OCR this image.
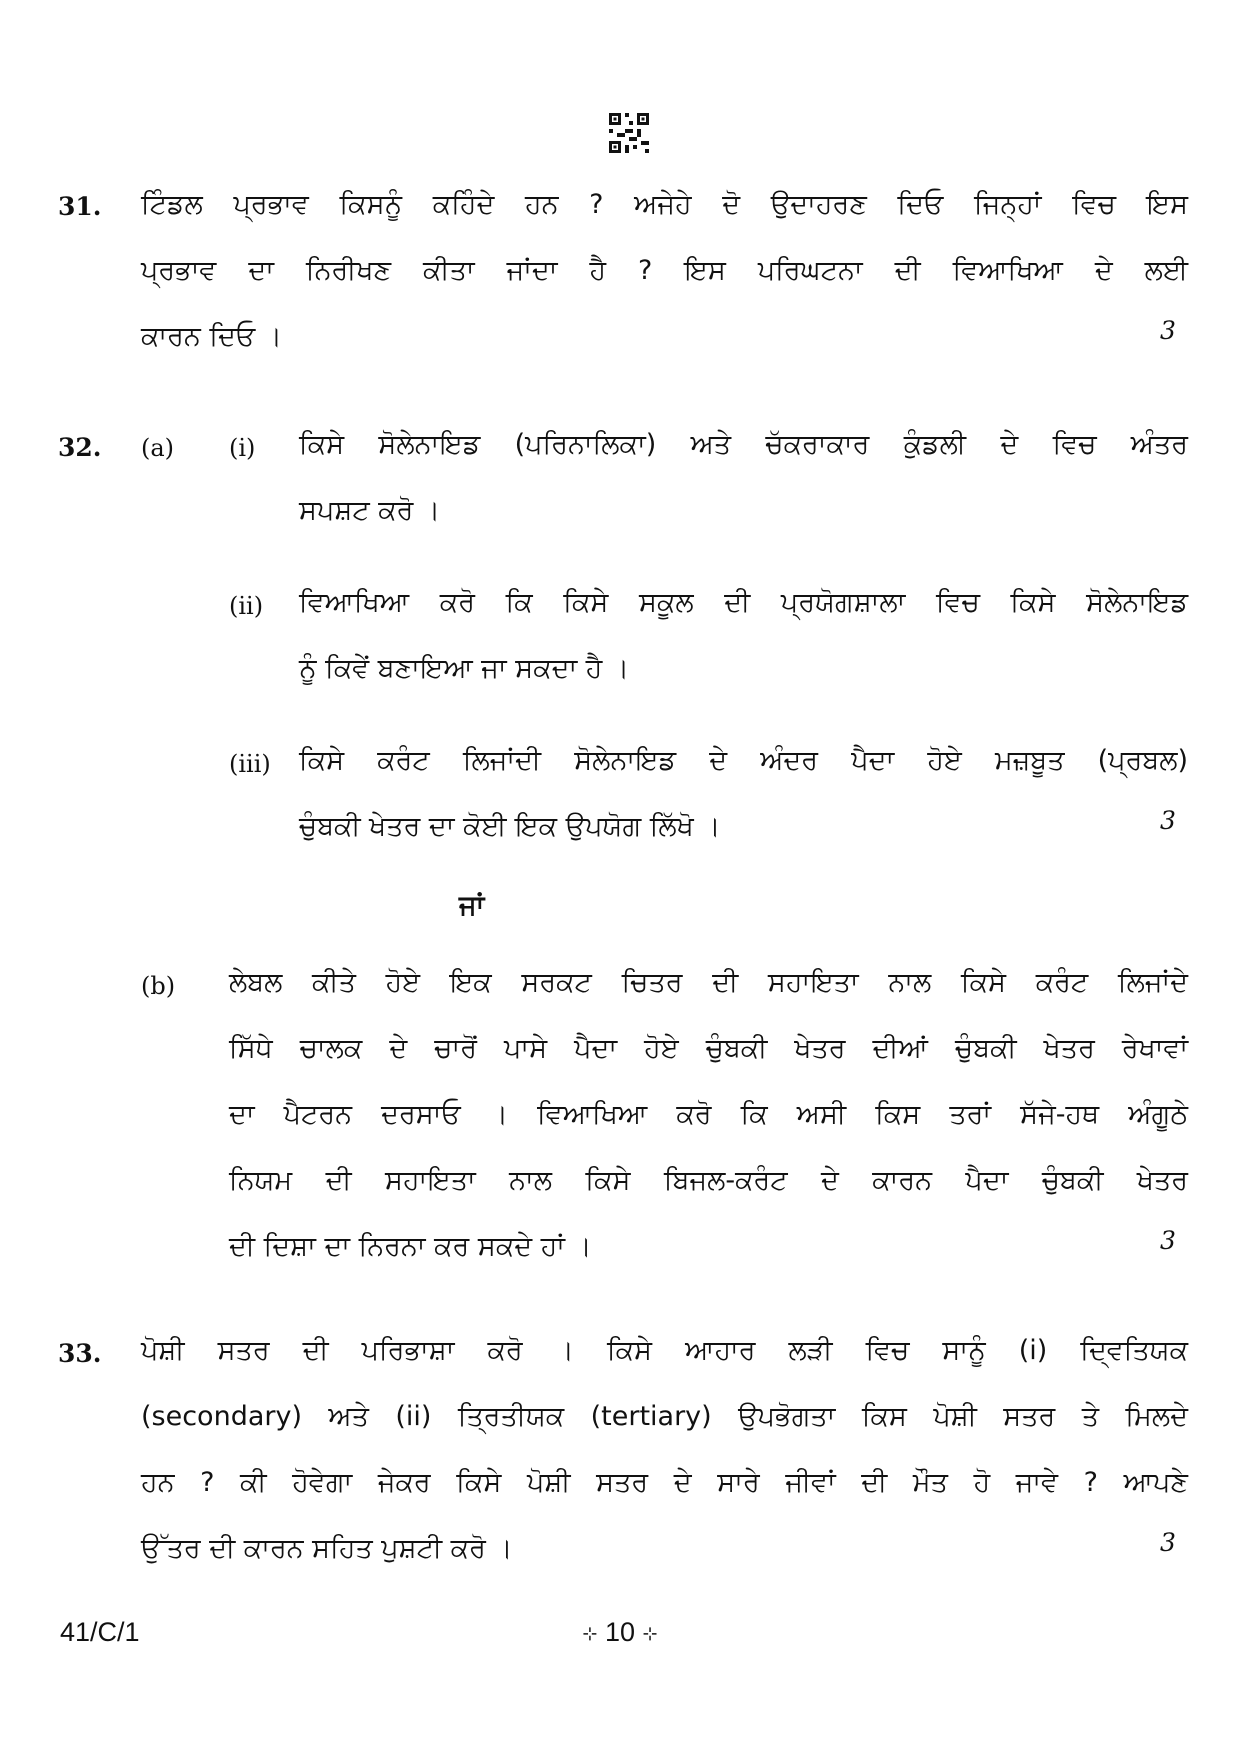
31.	ਟਿੰਡਲ ਪ੍ਰਭਾਵ ਕਿਸਨੂੰ ਕਹਿੰਦੇ ਹਨ ? ਅਜੇਹੇ ਦੋ ਉਦਾਹਰਣ ਦਿਓ ਜਿਨ੍ਹਾਂ ਵਿਚ ਇਸ
ਪ੍ਰਭਾਵ ਦਾ ਨਿਰੀਖਣ ਕੀਤਾ ਜਾਂਦਾ ਹੈ ? ਇਸ ਪਰਿਘਟਨਾ ਦੀ ਵਿਆਖਿਆ ਦੇ ਲਈ
ਕਾਰਨ ਦਿਓ ।	3
32.	(a) (i) ਕਿਸੇ ਸੋਲੇਨਾਇਡ (ਪਰਿਨਾਲਿਕਾ) ਅਤੇ ਚੱਕਰਾਕਾਰ ਕੁੰਡਲੀ ਦੇ ਵਿਚ ਅੰਤਰ
ਸਪਸ਼ਟ ਕਰੋ ।
(ii) ਵਿਆਖਿਆ ਕਰੋ ਕਿ ਕਿਸੇ ਸਕੂਲ ਦੀ ਪ੍ਰਯੋਗਸ਼ਾਲਾ ਵਿਚ ਕਿਸੇ ਸੋਲੇਨਾਇਡ
ਨੂੰ ਕਿਵੇਂ ਬਣਾਇਆ ਜਾ ਸਕਦਾ ਹੈ ।
(iii) ਕਿਸੇ ਕਰੰਟ ਲਿਜਾਂਦੀ ਸੋਲੇਨਾਇਡ ਦੇ ਅੰਦਰ ਪੈਦਾ ਹੋਏ ਮਜ਼ਬੂਤ (ਪ੍ਰਬਲ)
ਚੁੰਬਕੀ ਖੇਤਰ ਦਾ ਕੋਈ ਇਕ ਉਪਯੋਗ ਲਿੱਖੋ ।	3
ਜਾਂ
(b) ਲੇਬਲ ਕੀਤੇ ਹੋਏ ਇਕ ਸਰਕਟ ਚਿਤਰ ਦੀ ਸਹਾਇਤਾ ਨਾਲ ਕਿਸੇ ਕਰੰਟ ਲਿਜਾਂਦੇ
ਸਿੱਧੇ ਚਾਲਕ ਦੇ ਚਾਰੋਂ ਪਾਸੇ ਪੈਦਾ ਹੋਏ ਚੁੰਬਕੀ ਖੇਤਰ ਦੀਆਂ ਚੁੰਬਕੀ ਖੇਤਰ ਰੇਖਾਵਾਂ
ਦਾ ਪੈਟਰਨ ਦਰਸਾਓ । ਵਿਆਖਿਆ ਕਰੋ ਕਿ ਅਸੀ ਕਿਸ ਤਰਾਂ ਸੱਜੇ-ਹਥ ਅੰਗੂਠੇ
ਨਿਯਮ ਦੀ ਸਹਾਇਤਾ ਨਾਲ ਕਿਸੇ ਬਿਜਲ-ਕਰੰਟ ਦੇ ਕਾਰਨ ਪੈਦਾ ਚੁੰਬਕੀ ਖੇਤਰ
ਦੀ ਦਿਸ਼ਾ ਦਾ ਨਿਰਨਾ ਕਰ ਸਕਦੇ ਹਾਂ ।	3
33.	ਪੋਸ਼ੀ ਸਤਰ ਦੀ ਪਰਿਭਾਸ਼ਾ ਕਰੋ । ਕਿਸੇ ਆਹਾਰ ਲੜੀ ਵਿਚ ਸਾਨੂੰ (i) ਦ੍ਵਿਤਿਯਕ
(secondary) ਅਤੇ (ii) ਤ੍ਰਿਤੀਯਕ (tertiary) ਉਪਭੋਗਤਾ ਕਿਸ ਪੋਸ਼ੀ ਸਤਰ ਤੇ ਮਿਲਦੇ
ਹਨ ? ਕੀ ਹੋਵੇਗਾ ਜੇਕਰ ਕਿਸੇ ਪੋਸ਼ੀ ਸਤਰ ਦੇ ਸਾਰੇ ਜੀਵਾਂ ਦੀ ਮੌਤ ਹੋ ਜਾਵੇ ? ਆਪਣੇ
ਉੱਤਰ ਦੀ ਕਾਰਨ ਸਹਿਤ ਪੁਸ਼ਟੀ ਕਰੋ ।	3
41/C/1	⊹ 10 ⊹
